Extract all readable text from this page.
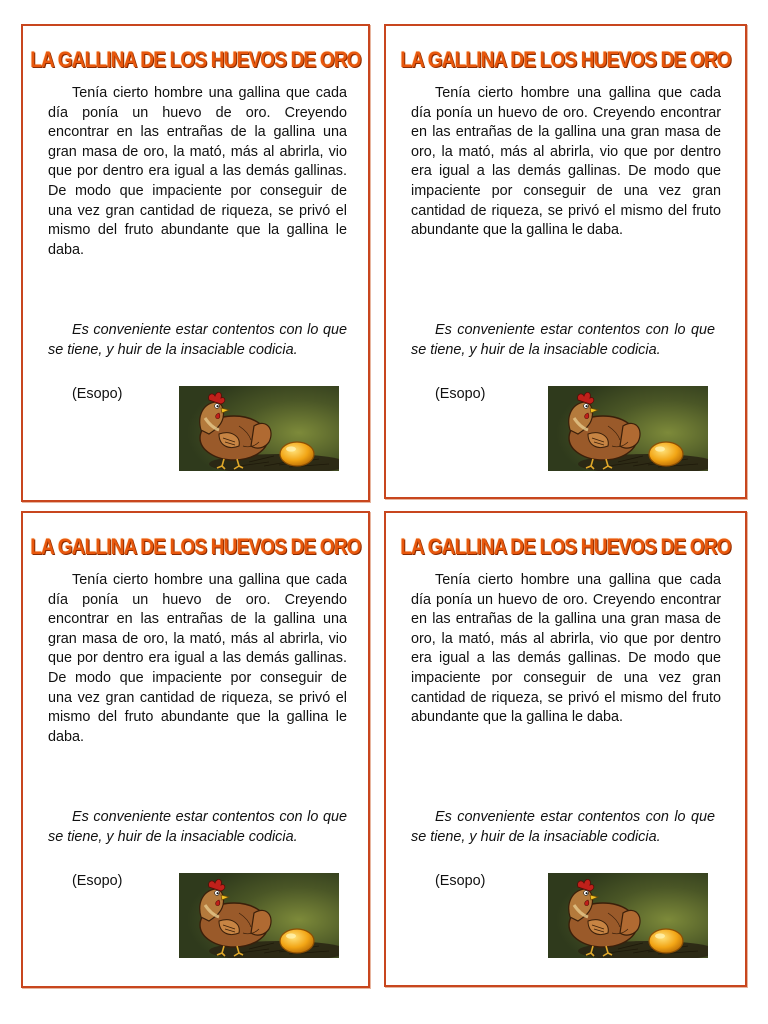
LA GALLINA DE LOS HUEVOS DE ORO

Tenía cierto hombre una gallina que cada día ponía un huevo de oro. Creyendo encontrar en las entrañas de la gallina una gran masa de oro, la mató, más al abrirla, vio que por dentro era igual a las demás gallinas. De modo que impaciente por conseguir de una vez gran cantidad de riqueza, se privó el mismo del fruto abundante que la gallina le daba.

Es conveniente estar contentos con lo que se tiene, y huir de la insaciable codicia.

(Esopo)
LA GALLINA DE LOS HUEVOS DE ORO

Tenía cierto hombre una gallina que cada día ponía un huevo de oro. Creyendo encontrar en las entrañas de la gallina una gran masa de oro, la mató, más al abrirla, vio que por dentro era igual a las demás gallinas. De modo que impaciente por conseguir de una vez gran cantidad de riqueza, se privó el mismo del fruto abundante que la gallina le daba.

Es conveniente estar contentos con lo que se tiene, y huir de la insaciable codicia.

(Esopo)
LA GALLINA DE LOS HUEVOS DE ORO

Tenía cierto hombre una gallina que cada día ponía un huevo de oro. Creyendo encontrar en las entrañas de la gallina una gran masa de oro, la mató, más al abrirla, vio que por dentro era igual a las demás gallinas. De modo que impaciente por conseguir de una vez gran cantidad de riqueza, se privó el mismo del fruto abundante que la gallina le daba.

Es conveniente estar contentos con lo que se tiene, y huir de la insaciable codicia.

(Esopo)
LA GALLINA DE LOS HUEVOS DE ORO

Tenía cierto hombre una gallina que cada día ponía un huevo de oro. Creyendo encontrar en las entrañas de la gallina una gran masa de oro, la mató, más al abrirla, vio que por dentro era igual a las demás gallinas. De modo que impaciente por conseguir de una vez gran cantidad de riqueza, se privó el mismo del fruto abundante que la gallina le daba.

Es conveniente estar contentos con lo que se tiene, y huir de la insaciable codicia.

(Esopo)
